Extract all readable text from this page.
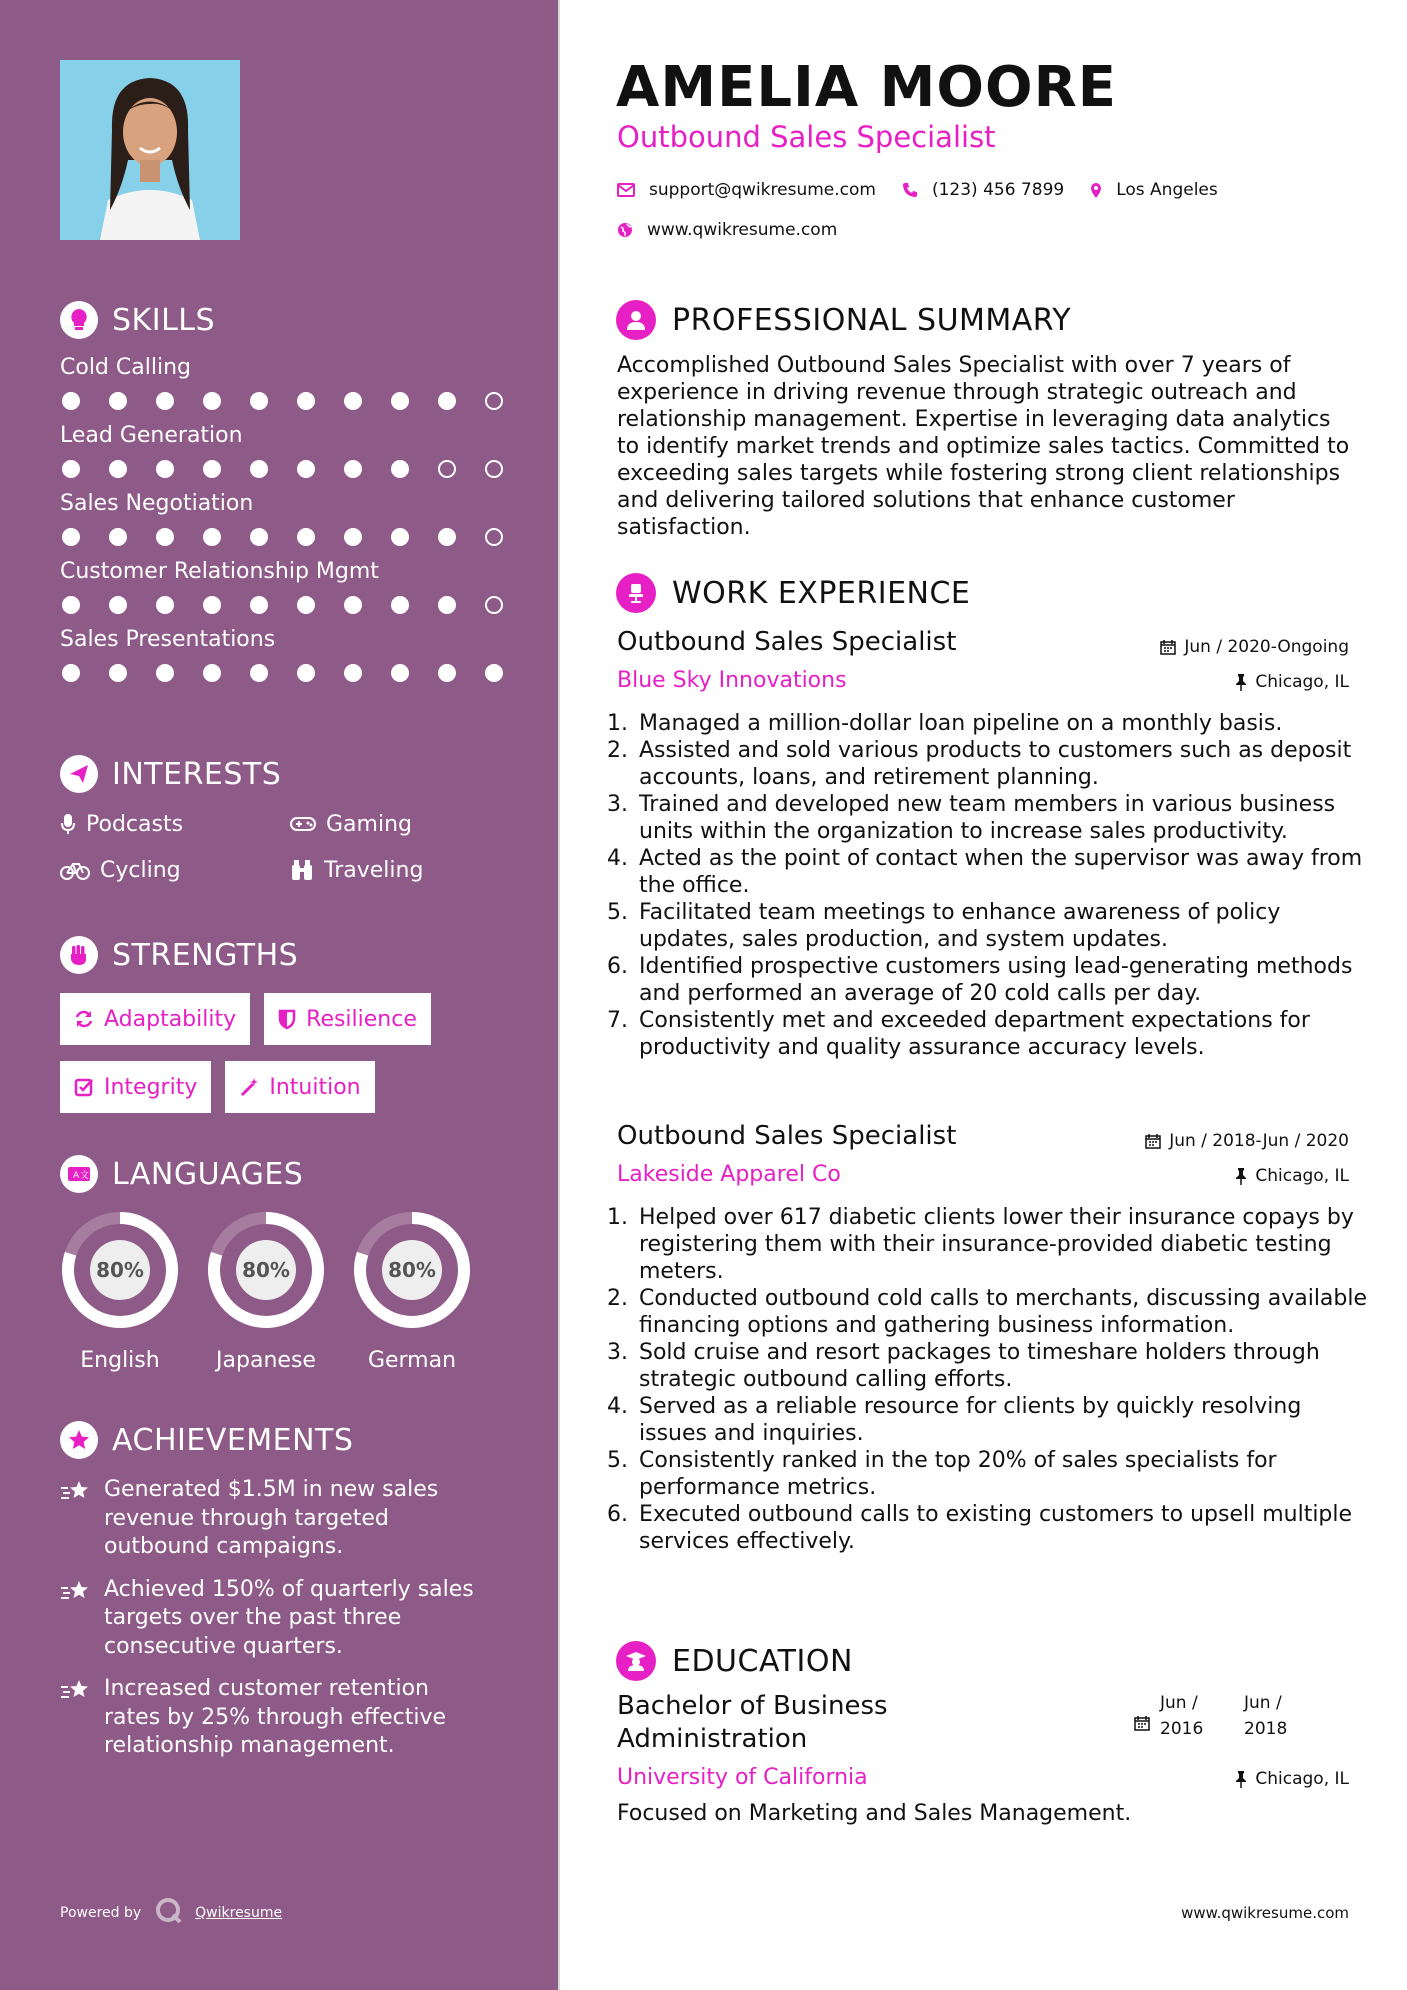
SKILLS
Cold Calling
Lead Generation
Sales Negotiation
Customer Relationship Mgmt
Sales Presentations
INTERESTS
Podcasts	Gaming
Cycling	Traveling
STRENGTHS
Adaptability	Resilience
Integrity	Intuition
A 文 LANGUAGES
80%
English
80%
Japanese
80%
German
ACHIEVEMENTS
Generated $1.5M in new sales revenue through targeted outbound campaigns.
Achieved 150% of quarterly sales targets over the past three consecutive quarters.
Increased customer retention rates by 25% through effective relationship management.
Powered by	Qwikresume
AMELIA MOORE
Outbound Sales Specialist
support@qwikresume.com	(123) 456 7899	Los Angeles
www.qwikresume.com
PROFESSIONAL SUMMARY
Accomplished Outbound Sales Specialist with over 7 years of experience in driving revenue through strategic outreach and relationship management. Expertise in leveraging data analytics to identify market trends and optimize sales tactics. Committed to exceeding sales targets while fostering strong client relationships and delivering tailored solutions that enhance customer satisfaction.
WORK EXPERIENCE
Outbound Sales Specialist	Jun / 2020-Ongoing
Blue Sky Innovations	Chicago, IL
1. Managed a million-dollar loan pipeline on a monthly basis.
2. Assisted and sold various products to customers such as deposit accounts, loans, and retirement planning.
3. Trained and developed new team members in various business units within the organization to increase sales productivity.
4. Acted as the point of contact when the supervisor was away from the office.
5. Facilitated team meetings to enhance awareness of policy updates, sales production, and system updates.
6. Identified prospective customers using lead-generating methods and performed an average of 20 cold calls per day.
7. Consistently met and exceeded department expectations for productivity and quality assurance accuracy levels.
Outbound Sales Specialist	Jun / 2018-Jun / 2020
Lakeside Apparel Co	Chicago, IL
1. Helped over 617 diabetic clients lower their insurance copays by registering them with their insurance-provided diabetic testing meters.
2. Conducted outbound cold calls to merchants, discussing available financing options and gathering business information.
3. Sold cruise and resort packages to timeshare holders through strategic outbound calling efforts.
4. Served as a reliable resource for clients by quickly resolving issues and inquiries.
5. Consistently ranked in the top 20% of sales specialists for performance metrics.
6. Executed outbound calls to existing customers to upsell multiple services effectively.
EDUCATION
Bachelor of Business Administration
Jun /
2016
Jun /
2018
University of California	Chicago, IL
Focused on Marketing and Sales Management.
www.qwikresume.com
